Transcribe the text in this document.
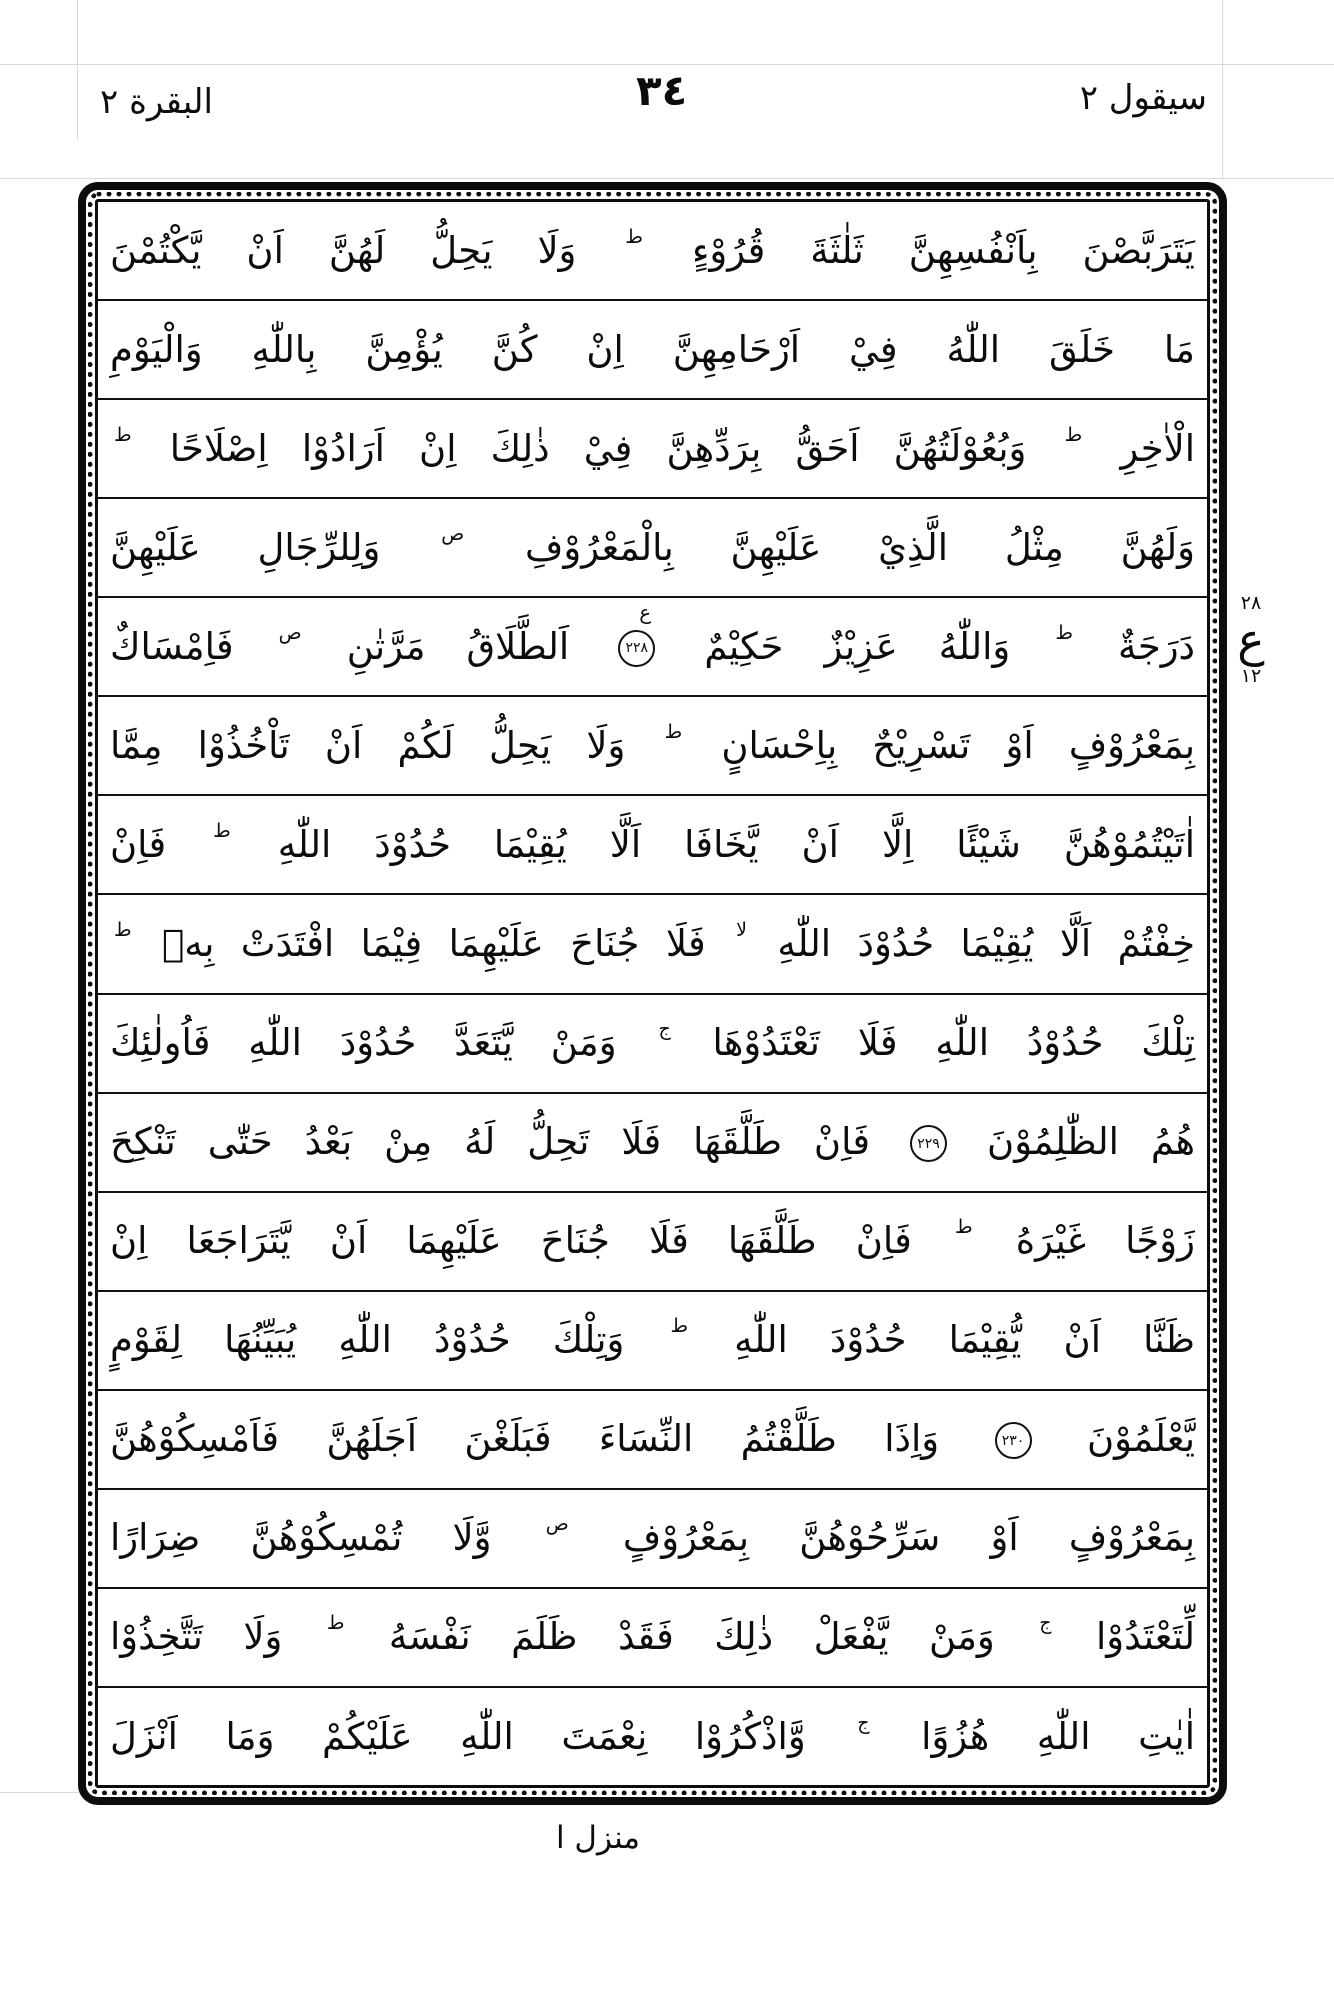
البقرة ٢	٣٤	سيقول ٢
يَتَرَبَّصْنَ بِاَنْفُسِهِنَّ ثَلٰثَةَ قُرُوْءٍ $^ط$ وَلَا يَحِلُّ لَهُنَّ اَنْ يَّكْتُمْنَ
مَا خَلَقَ اللّٰهُ فِيْ اَرْحَامِهِنَّ اِنْ كُنَّ يُؤْمِنَّ بِاللّٰهِ وَالْيَوْمِ
الْاٰخِرِ $^ط$ وَبُعُوْلَتُهُنَّ اَحَقُّ بِرَدِّهِنَّ فِيْ ذٰلِكَ اِنْ اَرَادُوْا اِصْلَاحًا $^ط$
وَلَهُنَّ مِثْلُ الَّذِيْ عَلَيْهِنَّ بِالْمَعْرُوْفِ $^ص$ وَلِلرِّجَالِ عَلَيْهِنَّ
دَرَجَةٌ $^ط$ وَاللّٰهُ عَزِيْزٌ حَكِيْمٌ
ع
٢٢٨
اَلطَّلَاقُ مَرَّتٰنِ $^ص$ فَاِمْسَاكٌ
بِمَعْرُوْفٍ اَوْ تَسْرِيْحٌ بِاِحْسَانٍ $^ط$ وَلَا يَحِلُّ لَكُمْ اَنْ تَاْخُذُوْا مِمَّا
اٰتَيْتُمُوْهُنَّ شَيْئًا اِلَّا اَنْ يَّخَافَا اَلَّا يُقِيْمَا حُدُوْدَ اللّٰهِ $^ط$ فَاِنْ
خِفْتُمْ اَلَّا يُقِيْمَا حُدُوْدَ اللّٰهِ $^{لا}$ فَلَا جُنَاحَ عَلَيْهِمَا فِيْمَا افْتَدَتْ بِهٖ $^ط$
تِلْكَ حُدُوْدُ اللّٰهِ فَلَا تَعْتَدُوْهَا $^ج$ وَمَنْ يَّتَعَدَّ حُدُوْدَ اللّٰهِ فَاُولٰئِكَ
هُمُ الظّٰلِمُوْنَ
٢٢٩
فَاِنْ طَلَّقَهَا فَلَا تَحِلُّ لَهُ مِنْ بَعْدُ حَتّٰى تَنْكِحَ
زَوْجًا غَيْرَهُ $^ط$ فَاِنْ طَلَّقَهَا فَلَا جُنَاحَ عَلَيْهِمَا اَنْ يَّتَرَاجَعَا اِنْ
ظَنَّا اَنْ يُّقِيْمَا حُدُوْدَ اللّٰهِ $^ط$ وَتِلْكَ حُدُوْدُ اللّٰهِ يُبَيِّنُهَا لِقَوْمٍ
يَّعْلَمُوْنَ
٢٣٠
وَاِذَا طَلَّقْتُمُ النِّسَاءَ فَبَلَغْنَ اَجَلَهُنَّ فَاَمْسِكُوْهُنَّ
بِمَعْرُوْفٍ اَوْ سَرِّحُوْهُنَّ بِمَعْرُوْفٍ $^ص$ وَّلَا تُمْسِكُوْهُنَّ ضِرَارًا
لِّتَعْتَدُوْا $^ج$ وَمَنْ يَّفْعَلْ ذٰلِكَ فَقَدْ ظَلَمَ نَفْسَهُ $^ط$ وَلَا تَتَّخِذُوْا
اٰيٰتِ اللّٰهِ هُزُوًا $^ج$ وَّاذْكُرُوْا نِعْمَتَ اللّٰهِ عَلَيْكُمْ وَمَا اَنْزَلَ
٢٨
ع
١٢
منزل ا
